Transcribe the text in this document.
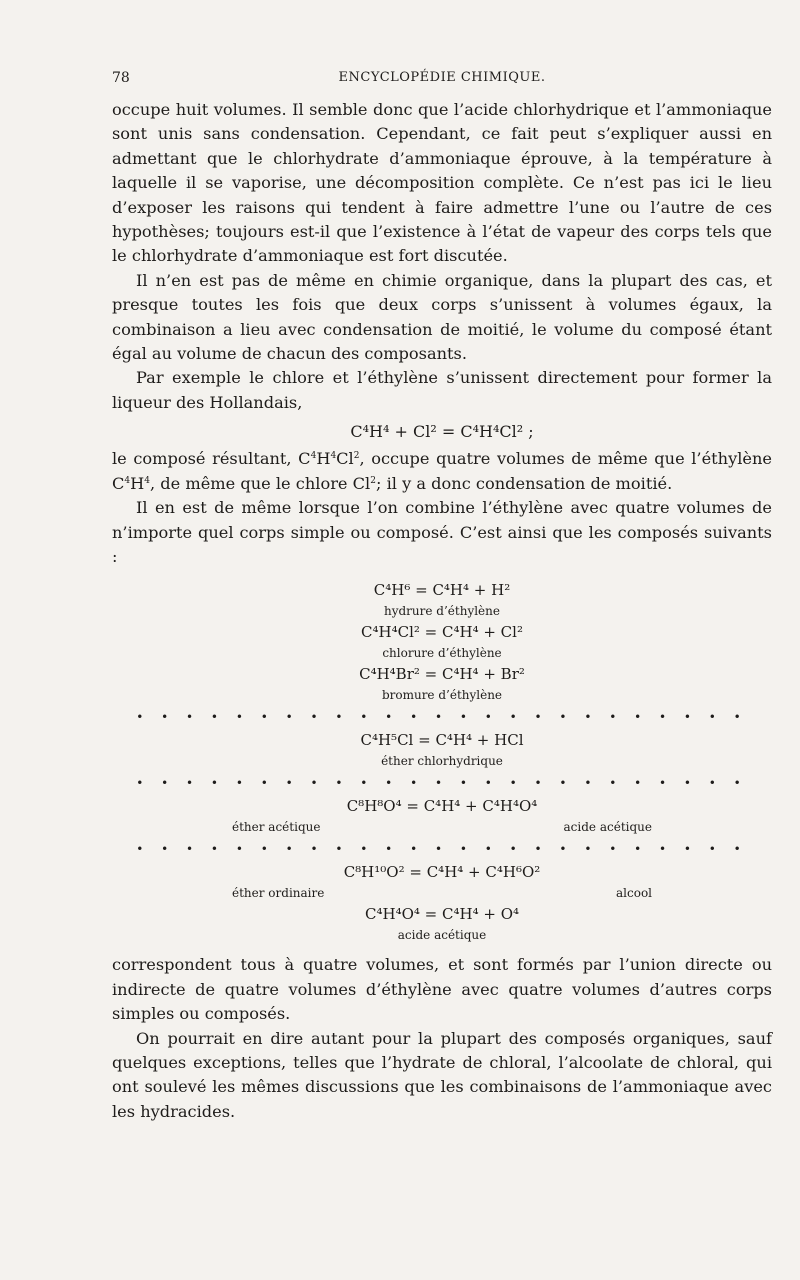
78	ENCYCLOPÉDIE CHIMIQUE.

occupe huit volumes. Il semble donc que l’acide chlorhydrique et l’ammoniaque sont unis sans condensation. Cependant, ce fait peut s’expliquer aussi en admettant que le chlorhydrate d’ammoniaque éprouve, à la température à laquelle il se vaporise, une décomposition complète. Ce n’est pas ici le lieu d’exposer les raisons qui tendent à faire admettre l’une ou l’autre de ces hypothèses; toujours est-il que l’existence à l’état de vapeur des corps tels que le chlorhydrate d’ammoniaque est fort discutée.

Il n’en est pas de même en chimie organique, dans la plupart des cas, et presque toutes les fois que deux corps s’unissent à volumes égaux, la combinaison a lieu avec condensation de moitié, le volume du composé étant égal au volume de chacun des composants.

Par exemple le chlore et l’éthylène s’unissent directement pour former la liqueur des Hollandais,

C⁴H⁴ + Cl² = C⁴H⁴Cl² ;

le composé résultant, $C^4H^4Cl^2$, occupe quatre volumes de même que l’éthylène $C^4H^4$, de même que le chlore Cl$^2$; il y a donc condensation de moitié.

Il en est de même lorsque l’on combine l’éthylène avec quatre volumes de n’importe quel corps simple ou composé. C’est ainsi que les composés suivants :

C⁴H⁶ = C⁴H⁴ + H²
hydrure d’éthylène
C⁴H⁴Cl² = C⁴H⁴ + Cl²
chlorure d’éthylène
C⁴H⁴Br² = C⁴H⁴ + Br²
bromure d’éthylène
• • • • • • • • • • • • • • • • • • • • • • • • •
C⁴H⁵Cl = C⁴H⁴ + HCl
éther chlorhydrique
• • • • • • • • • • • • • • • • • • • • • • • • •
C⁸H⁸O⁴ = C⁴H⁴ + C⁴H⁴O⁴
éther acétique	acide acétique
• • • • • • • • • • • • • • • • • • • • • • • • •
C⁸H¹⁰O² = C⁴H⁴ + C⁴H⁶O²
éther ordinaire	alcool
C⁴H⁴O⁴ = C⁴H⁴ + O⁴
acide acétique

correspondent tous à quatre volumes, et sont formés par l’union directe ou indirecte de quatre volumes d’éthylène avec quatre volumes d’autres corps simples ou composés.

On pourrait en dire autant pour la plupart des composés organiques, sauf quelques exceptions, telles que l’hydrate de chloral, l’alcoolate de chloral, qui ont soulevé les mêmes discussions que les combinaisons de l’ammoniaque avec les hydracides.
